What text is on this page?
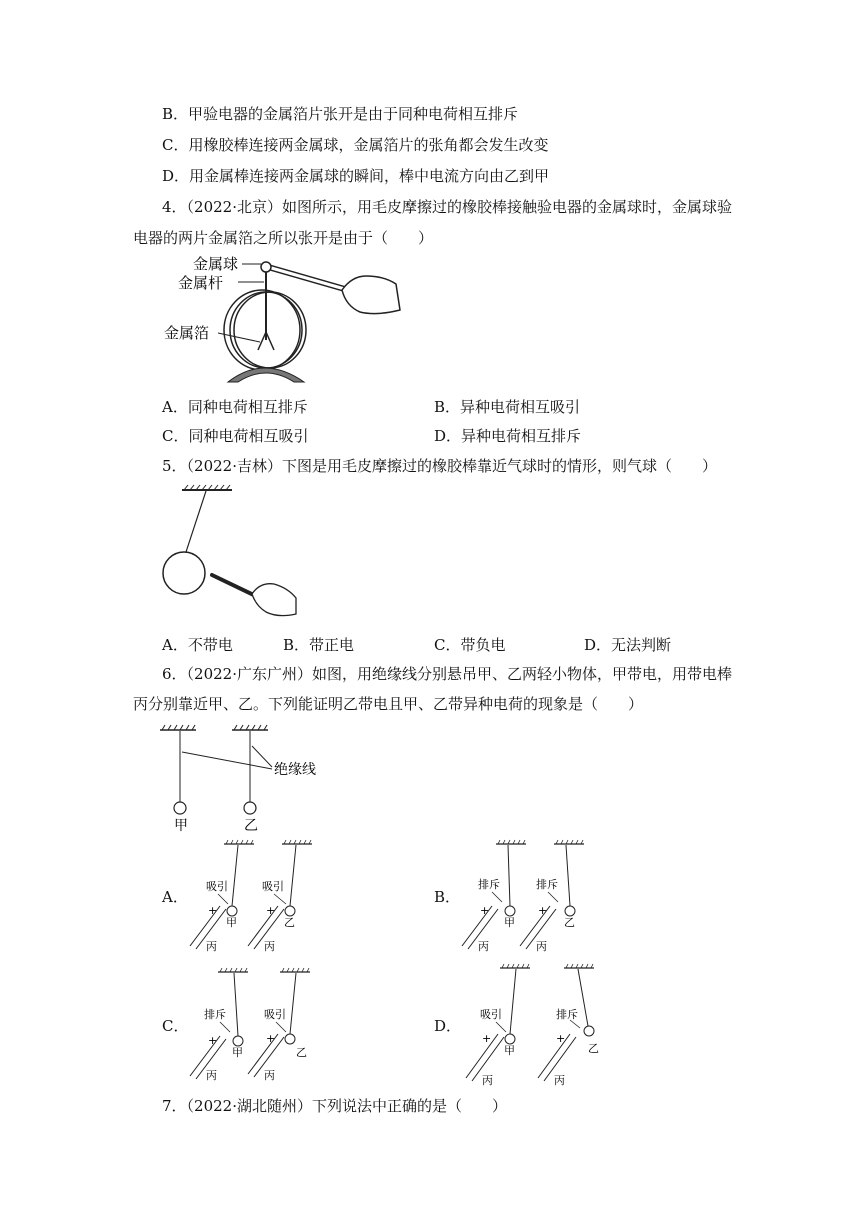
B．甲验电器的金属箔片张开是由于同种电荷相互排斥
C．用橡胶棒连接两金属球，金属箔片的张角都会发生改变
D．用金属棒连接两金属球的瞬间，棒中电流方向由乙到甲
4．（2022·北京）如图所示，用毛皮摩擦过的橡胶棒接触验电器的金属球时，金属球验
电器的两片金属箔之所以张开是由于（　　）
金属球
金属杆
金属箔
A．同种电荷相互排斥	B．异种电荷相互吸引
C．同种电荷相互吸引	D．异种电荷相互排斥
5．（2022·吉林）下图是用毛皮摩擦过的橡胶棒靠近气球时的情形，则气球（　　）
A．不带电	B．带正电	C．带负电	D．无法判断
6．（2022·广东广州）如图，用绝缘线分别悬吊甲、乙两轻小物体，甲带电，用带电棒
丙分别靠近甲、乙。下列能证明乙带电且甲、乙带异种电荷的现象是（　　）
绝缘线
甲	乙
A．
吸引	吸引
+	+
甲	乙
丙	丙
B．
排斥	排斥
+	+
甲	乙
丙	丙
C．
排斥	吸引
+	+
甲	乙
丙	丙
D．
吸引	排斥
+	+
甲	乙
丙	丙
7．（2022·湖北随州）下列说法中正确的是（　　）
